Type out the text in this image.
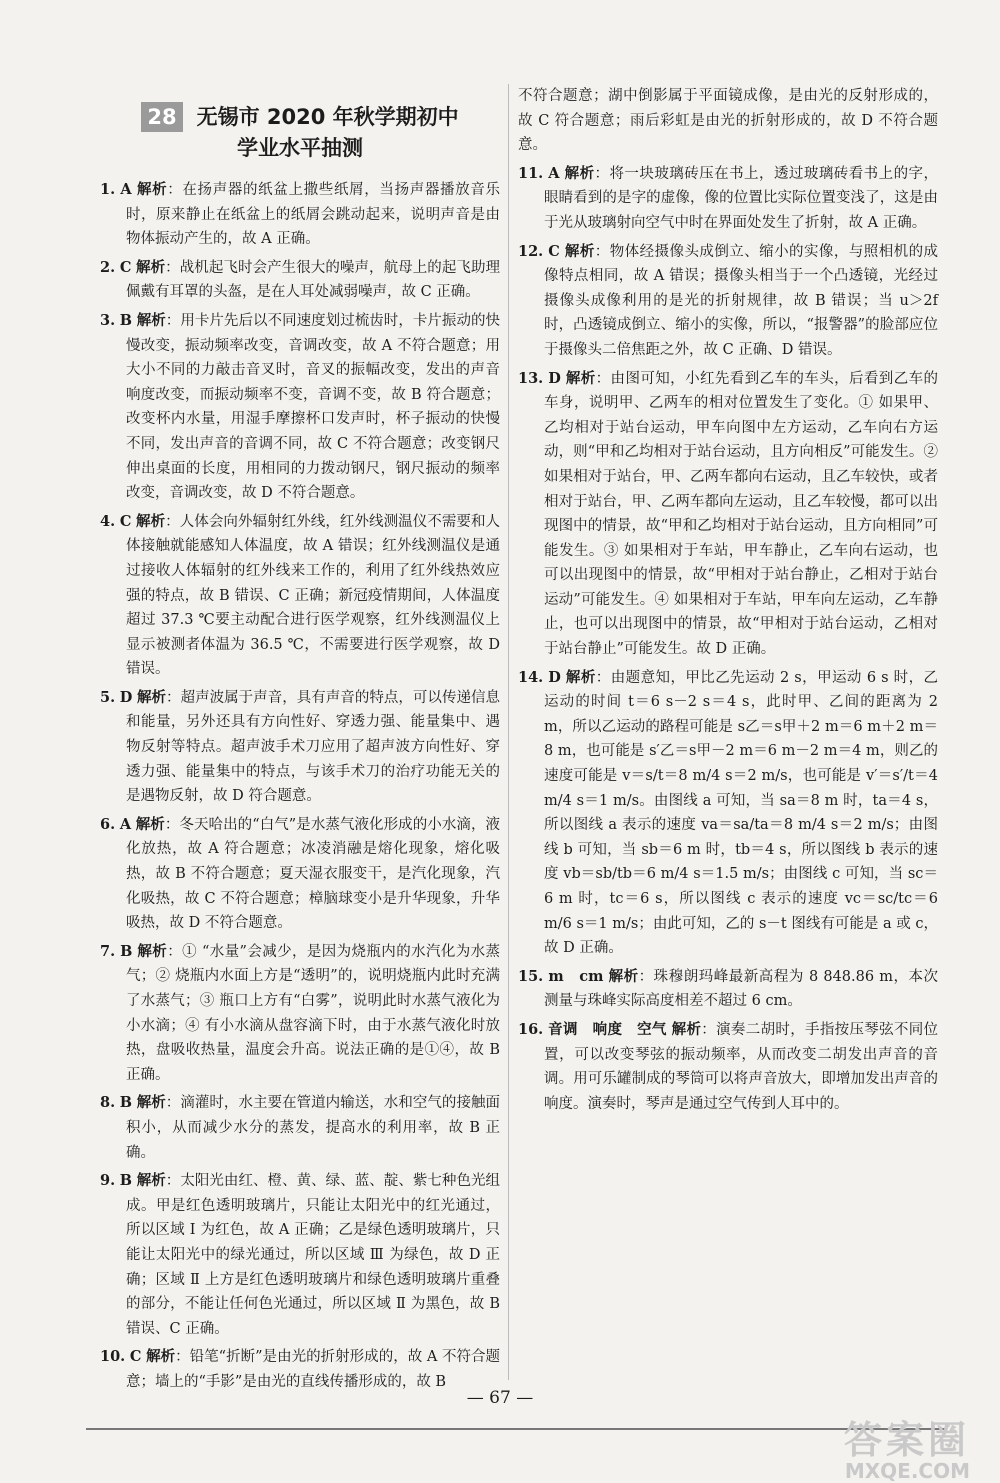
28 无锡市 2020 年秋学期初中
学业水平抽测

1. A 解析：在扬声器的纸盆上撒些纸屑，当扬声器播放音乐时，原来静止在纸盆上的纸屑会跳动起来，说明声音是由物体振动产生的，故 A 正确。

2. C 解析：战机起飞时会产生很大的噪声，航母上的起飞助理佩戴有耳罩的头盔，是在人耳处减弱噪声，故 C 正确。

3. B 解析：用卡片先后以不同速度划过梳齿时，卡片振动的快慢改变，振动频率改变，音调改变，故 A 不符合题意；用大小不同的力敲击音叉时，音叉的振幅改变，发出的声音响度改变，而振动频率不变，音调不变，故 B 符合题意；改变杯内水量，用湿手摩擦杯口发声时，杯子振动的快慢不同，发出声音的音调不同，故 C 不符合题意；改变钢尺伸出桌面的长度，用相同的力拨动钢尺，钢尺振动的频率改变，音调改变，故 D 不符合题意。

4. C 解析：人体会向外辐射红外线，红外线测温仪不需要和人体接触就能感知人体温度，故 A 错误；红外线测温仪是通过接收人体辐射的红外线来工作的，利用了红外线热效应强的特点，故 B 错误、C 正确；新冠疫情期间，人体温度超过 37.3 ℃要主动配合进行医学观察，红外线测温仪上显示被测者体温为 36.5 ℃，不需要进行医学观察，故 D 错误。

5. D 解析：超声波属于声音，具有声音的特点，可以传递信息和能量，另外还具有方向性好、穿透力强、能量集中、遇物反射等特点。超声波手术刀应用了超声波方向性好、穿透力强、能量集中的特点，与该手术刀的治疗功能无关的是遇物反射，故 D 符合题意。

6. A 解析：冬天哈出的“白气”是水蒸气液化形成的小水滴，液化放热，故 A 符合题意；冰凌消融是熔化现象，熔化吸热，故 B 不符合题意；夏天湿衣服变干，是汽化现象，汽化吸热，故 C 不符合题意；樟脑球变小是升华现象，升华吸热，故 D 不符合题意。

7. B 解析：① “水量”会减少，是因为烧瓶内的水汽化为水蒸气；② 烧瓶内水面上方是“透明”的，说明烧瓶内此时充满了水蒸气；③ 瓶口上方有“白雾”，说明此时水蒸气液化为小水滴；④ 有小水滴从盘容滴下时，由于水蒸气液化时放热，盘吸收热量，温度会升高。说法正确的是①④，故 B 正确。

8. B 解析：滴灌时，水主要在管道内输送，水和空气的接触面积小，从而减少水分的蒸发，提高水的利用率，故 B 正确。

9. B 解析：太阳光由红、橙、黄、绿、蓝、靛、紫七种色光组成。甲是红色透明玻璃片，只能让太阳光中的红光通过，所以区域 Ⅰ 为红色，故 A 正确；乙是绿色透明玻璃片，只能让太阳光中的绿光通过，所以区域 Ⅲ 为绿色，故 D 正确；区域 Ⅱ 上方是红色透明玻璃片和绿色透明玻璃片重叠的部分，不能让任何色光通过，所以区域 Ⅱ 为黑色，故 B 错误、C 正确。

10. C 解析：铅笔“折断”是由光的折射形成的，故 A 不符合题意；墙上的“手影”是由光的直线传播形成的，故 B

不符合题意；湖中倒影属于平面镜成像，是由光的反射形成的，故 C 符合题意；雨后彩虹是由光的折射形成的，故 D 不符合题意。

11. A 解析：将一块玻璃砖压在书上，透过玻璃砖看书上的字，眼睛看到的是字的虚像，像的位置比实际位置变浅了，这是由于光从玻璃射向空气中时在界面处发生了折射，故 A 正确。

12. C 解析：物体经摄像头成倒立、缩小的实像，与照相机的成像特点相同，故 A 错误；摄像头相当于一个凸透镜，光经过摄像头成像利用的是光的折射规律，故 B 错误；当 u＞2f 时，凸透镜成倒立、缩小的实像，所以，“报警器”的脸部应位于摄像头二倍焦距之外，故 C 正确、D 错误。

13. D 解析：由图可知，小红先看到乙车的车头，后看到乙车的车身，说明甲、乙两车的相对位置发生了变化。① 如果甲、乙均相对于站台运动，甲车向图中左方运动，乙车向右方运动，则“甲和乙均相对于站台运动，且方向相反”可能发生。② 如果相对于站台，甲、乙两车都向右运动，且乙车较快，或者相对于站台，甲、乙两车都向左运动，且乙车较慢，都可以出现图中的情景，故“甲和乙均相对于站台运动，且方向相同”可能发生。③ 如果相对于车站，甲车静止，乙车向右运动，也可以出现图中的情景，故“甲相对于站台静止，乙相对于站台运动”可能发生。④ 如果相对于车站，甲车向左运动，乙车静止，也可以出现图中的情景，故“甲相对于站台运动，乙相对于站台静止”可能发生。故 D 正确。

14. D 解析：由题意知，甲比乙先运动 2 s，甲运动 6 s 时，乙运动的时间 t＝6 s－2 s＝4 s，此时甲、乙间的距离为 2 m，所以乙运动的路程可能是 s乙＝s甲＋2 m＝6 m＋2 m＝8 m，也可能是 s′乙＝s甲－2 m＝6 m－2 m＝4 m，则乙的速度可能是 v＝s/t＝8 m/4 s＝2 m/s，也可能是 v′＝s′/t＝4 m/4 s＝1 m/s。由图线 a 可知，当 sa＝8 m 时，ta＝4 s，所以图线 a 表示的速度 va＝sa/ta＝8 m/4 s＝2 m/s；由图线 b 可知，当 sb＝6 m 时，tb＝4 s，所以图线 b 表示的速度 vb＝sb/tb＝6 m/4 s＝1.5 m/s；由图线 c 可知，当 sc＝6 m 时，tc＝6 s，所以图线 c 表示的速度 vc＝sc/tc＝6 m/6 s＝1 m/s；由此可知，乙的 s－t 图线有可能是 a 或 c，故 D 正确。

15. m　cm 解析：珠穆朗玛峰最新高程为 8 848.86 m，本次测量与珠峰实际高度相差不超过 6 cm。

16. 音调　响度　空气 解析：演奏二胡时，手指按压琴弦不同位置，可以改变琴弦的振动频率，从而改变二胡发出声音的音调。用可乐罐制成的琴筒可以将声音放大，即增加发出声音的响度。演奏时，琴声是通过空气传到人耳中的。

— 67 —
答案圈
MXQE.COM
